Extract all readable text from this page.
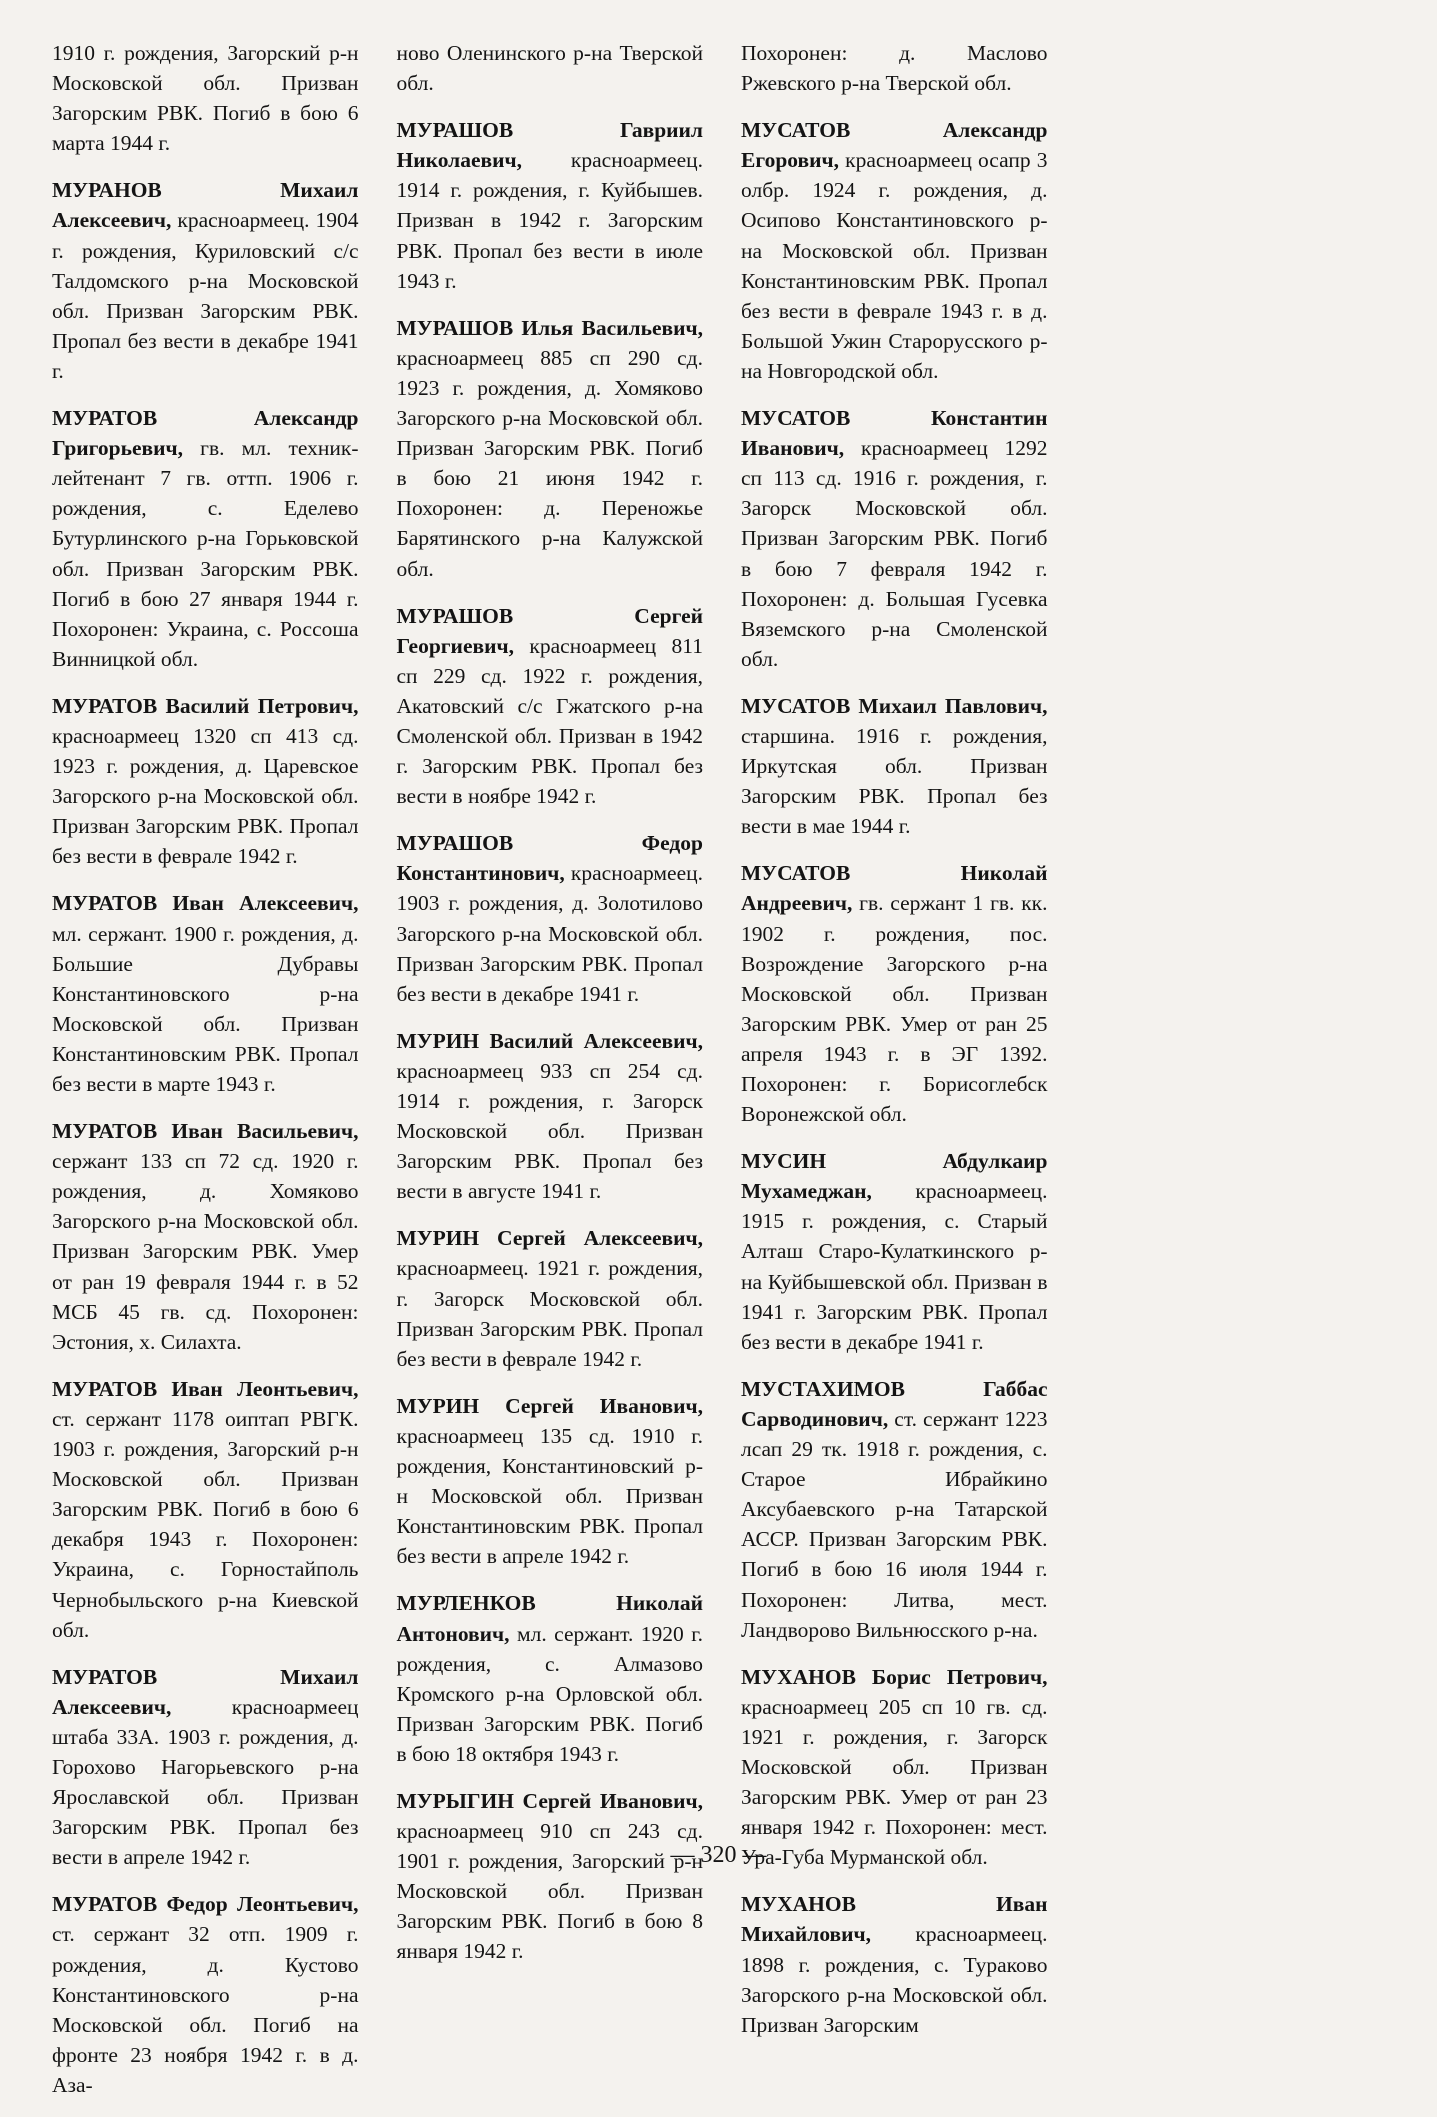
1910 г. рождения, Загорский р-н Московской обл. Призван Загорским РВК. Погиб в бою 6 марта 1944 г.

МУРАНОВ Михаил Алексеевич, красноармеец. 1904 г. рождения, Куриловский с/с Талдомского р-на Московской обл. Призван Загорским РВК. Пропал без вести в декабре 1941 г.

МУРАТОВ Александр Григорьевич, гв. мл. техник-лейтенант 7 гв. оттп. 1906 г. рождения, с. Еделево Бутурлинского р-на Горьковской обл. Призван Загорским РВК. Погиб в бою 27 января 1944 г. Похоронен: Украина, с. Россоша Винницкой обл.

МУРАТОВ Василий Петрович, красноармеец 1320 сп 413 сд. 1923 г. рождения, д. Царевское Загорского р-на Московской обл. Призван Загорским РВК. Пропал без вести в феврале 1942 г.

МУРАТОВ Иван Алексеевич, мл. сержант. 1900 г. рождения, д. Большие Дубравы Константиновского р-на Московской обл. Призван Константиновским РВК. Пропал без вести в марте 1943 г.

МУРАТОВ Иван Васильевич, сержант 133 сп 72 сд. 1920 г. рождения, д. Хомяково Загорского р-на Московской обл. Призван Загорским РВК. Умер от ран 19 февраля 1944 г. в 52 МСБ 45 гв. сд. Похоронен: Эстония, х. Силахта.

МУРАТОВ Иван Леонтьевич, ст. сержант 1178 оиптап РВГК. 1903 г. рождения, Загорский р-н Московской обл. Призван Загорским РВК. Погиб в бою 6 декабря 1943 г. Похоронен: Украина, с. Горностайполь Чернобыльского р-на Киевской обл.

МУРАТОВ Михаил Алексеевич,	красноармеец штаба 33А. 1903 г. рождения, д. Горохово Нагорьевского р-на Ярославской обл. Призван Загорским РВК. Пропал без вести в апреле 1942 г.

МУРАТОВ Федор Леонтьевич, ст. сержант 32 отп. 1909 г. рождения, д. Кустово Константиновского р-на Московской обл. Погиб на фронте 23 ноября 1942 г. в д. Аза-

ново Оленинского р-на Тверской обл.

МУРАШОВ Гавриил Николаевич, красноармеец. 1914 г. рождения, г. Куйбышев. Призван в 1942 г. Загорским РВК. Пропал без вести в июле 1943 г.

МУРАШОВ Илья Васильевич, красноармеец 885 сп 290 сд. 1923 г. рождения, д. Хомяково Загорского р-на Московской обл. Призван Загорским РВК. Погиб в бою 21 июня 1942 г. Похоронен: д. Переножье Барятинского р-на Калужской обл.

МУРАШОВ Сергей Георгиевич, красноармеец 811 сп 229 сд. 1922 г. рождения, Акатовский с/с Гжатского р-на Смоленской обл. Призван в 1942 г. Загорским РВК. Пропал без вести в ноябре 1942 г.

МУРАШОВ Федор Константинович, красноармеец. 1903 г. рождения, д. Золотилово Загорского р-на Московской обл. Призван Загорским РВК. Пропал без вести в декабре 1941 г.

МУРИН Василий Алексеевич, красноармеец 933 сп 254 сд. 1914 г. рождения, г. Загорск Московской обл. Призван Загорским РВК. Пропал без вести в августе 1941 г.

МУРИН Сергей Алексеевич, красноармеец. 1921 г. рождения, г. Загорск Московской обл. Призван Загорским РВК. Пропал без вести в феврале 1942 г.

МУРИН Сергей Иванович, красноармеец 135 сд. 1910 г. рождения, Константиновский р-н Московской обл. Призван Константиновским РВК. Пропал без вести в апреле 1942 г.

МУРЛЕНКОВ Николай Антонович, мл. сержант. 1920 г. рождения, с. Алмазово Кромского р-на Орловской обл. Призван Загорским РВК. Погиб в бою 18 октября 1943 г.

МУРЫГИН Сергей Иванович, красноармеец 910 сп 243 сд. 1901 г. рождения, Загорский р-н Московской обл. Призван Загорским РВК. Погиб в бою 8 января 1942 г.

Похоронен: д. Маслово Ржевского р-на Тверской обл.

МУСАТОВ Александр Егорович, красноармеец осапр 3 олбр. 1924 г. рождения, д. Осипово Константиновского р-на Московской обл. Призван Константиновским РВК. Пропал без вести в феврале 1943 г. в д. Большой Ужин Старорусского р-на Новгородской обл.

МУСАТОВ Константин Иванович, красноармеец 1292 сп 113 сд. 1916 г. рождения, г. Загорск Московской обл. Призван Загорским РВК. Погиб в бою 7 февраля 1942 г. Похоронен: д. Большая Гусевка Вяземского р-на Смоленской обл.

МУСАТОВ Михаил Павлович, старшина. 1916 г. рождения, Иркутская обл. Призван Загорским РВК. Пропал без вести в мае 1944 г.

МУСАТОВ Николай Андреевич, гв. сержант 1 гв. кк. 1902 г. рождения, пос. Возрождение Загорского р-на Московской обл. Призван Загорским РВК. Умер от ран 25 апреля 1943 г. в ЭГ 1392. Похоронен: г. Борисоглебск Воронежской обл.

МУСИН Абдулкаир Мухамеджан, красноармеец. 1915 г. рождения, с. Старый Алташ Старо-Кулаткинского р-на Куйбышевской обл. Призван в 1941 г. Загорским РВК. Пропал без вести в декабре 1941 г.

МУСТАХИМОВ Габбас Сарводинович, ст. сержант 1223 лсап 29 тк. 1918 г. рождения, с. Старое Ибрайкино Аксубаевского р-на Татарской АССР. Призван Загорским РВК. Погиб в бою 16 июля 1944 г. Похоронен: Литва, мест. Ландворово Вильнюсского р-на.

МУХАНОВ Борис Петрович, красноармеец 205 сп 10 гв. сд. 1921 г. рождения, г. Загорск Московской обл. Призван Загорским РВК. Умер от ран 23 января 1942 г. Похоронен: мест. Ура-Губа Мурманской обл.

МУХАНОВ Иван Михайлович, красноармеец. 1898 г. рождения, с. Тураково Загорского р-на Московской обл. Призван Загорским

— 320 —
